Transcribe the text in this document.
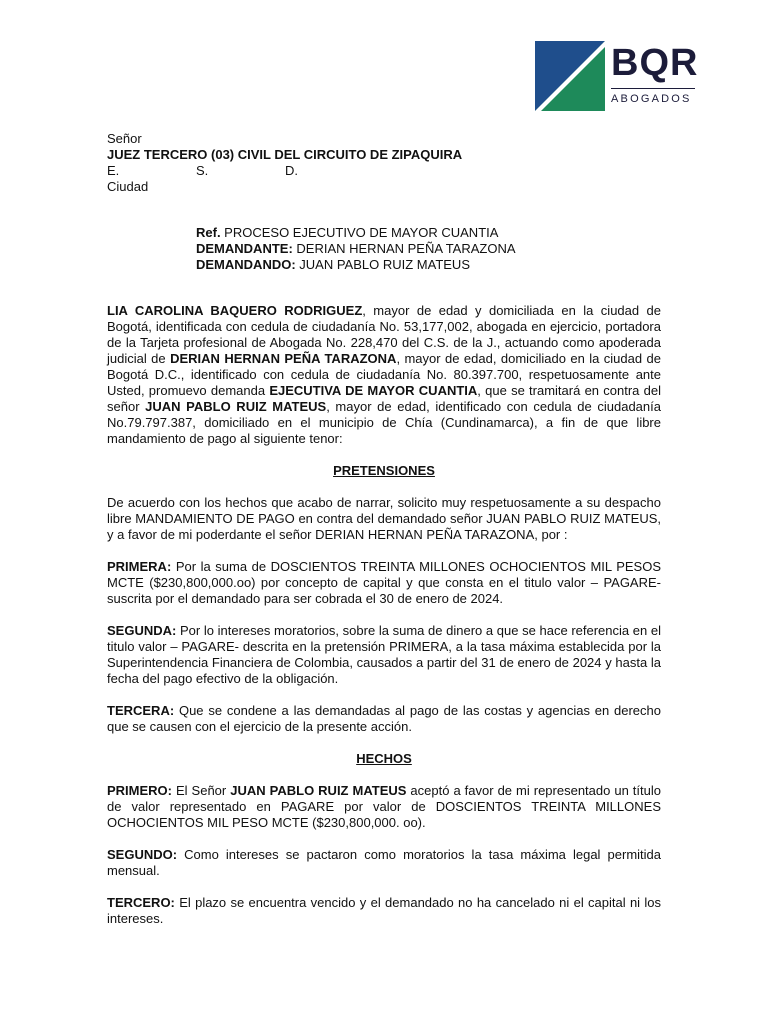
BQR
ABOGADOS

Señor

JUEZ TERCERO (03) CIVIL DEL CIRCUITO DE ZIPAQUIRA

E.	S.	D.

Ciudad

Ref. PROCESO EJECUTIVO DE MAYOR CUANTIA

DEMANDANTE: DERIAN HERNAN PEÑA TARAZONA

DEMANDANDO: JUAN PABLO RUIZ MATEUS

LIA CAROLINA BAQUERO RODRIGUEZ, mayor de edad y domiciliada en la ciudad de Bogotá, identificada con cedula de ciudadanía No. 53,177,002, abogada en ejercicio, portadora de la Tarjeta profesional de Abogada No. 228,470 del C.S. de la J., actuando como apoderada judicial de DERIAN HERNAN PEÑA TARAZONA, mayor de edad, domiciliado en la ciudad de Bogotá D.C., identificado con cedula de ciudadanía No. 80.397.700, respetuosamente ante Usted, promuevo demanda EJECUTIVA DE MAYOR CUANTIA, que se tramitará en contra del señor JUAN PABLO RUIZ MATEUS, mayor de edad, identificado con cedula de ciudadanía No.79.797.387, domiciliado en el municipio de Chía (Cundinamarca), a fin de que libre mandamiento de pago al siguiente tenor:

PRETENSIONES

De acuerdo con los hechos que acabo de narrar, solicito muy respetuosamente a su despacho libre MANDAMIENTO DE PAGO en contra del demandado señor JUAN PABLO RUIZ MATEUS, y a favor de mi poderdante el señor DERIAN HERNAN PEÑA TARAZONA, por :

PRIMERA: Por la suma de DOSCIENTOS TREINTA MILLONES OCHOCIENTOS MIL PESOS MCTE ($230,800,000.oo) por concepto de capital y que consta en el titulo valor – PAGARE- suscrita por el demandado para ser cobrada el 30 de enero de 2024.

SEGUNDA: Por lo intereses moratorios, sobre la suma de dinero a que se hace referencia en el titulo valor – PAGARE- descrita en la pretensión PRIMERA, a la tasa máxima establecida por la Superintendencia Financiera de Colombia, causados a partir del 31 de enero de 2024 y hasta la fecha del pago efectivo de la obligación.

TERCERA: Que se condene a las demandadas al pago de las costas y agencias en derecho que se causen con el ejercicio de la presente acción.

HECHOS

PRIMERO: El Señor JUAN PABLO RUIZ MATEUS aceptó a favor de mi representado un título de valor representado en PAGARE por valor de DOSCIENTOS TREINTA MILLONES OCHOCIENTOS MIL PESO MCTE ($230,800,000. oo).

SEGUNDO: Como intereses se pactaron como moratorios la tasa máxima legal permitida mensual.

TERCERO: El plazo se encuentra vencido y el demandado no ha cancelado ni el capital ni los intereses.
